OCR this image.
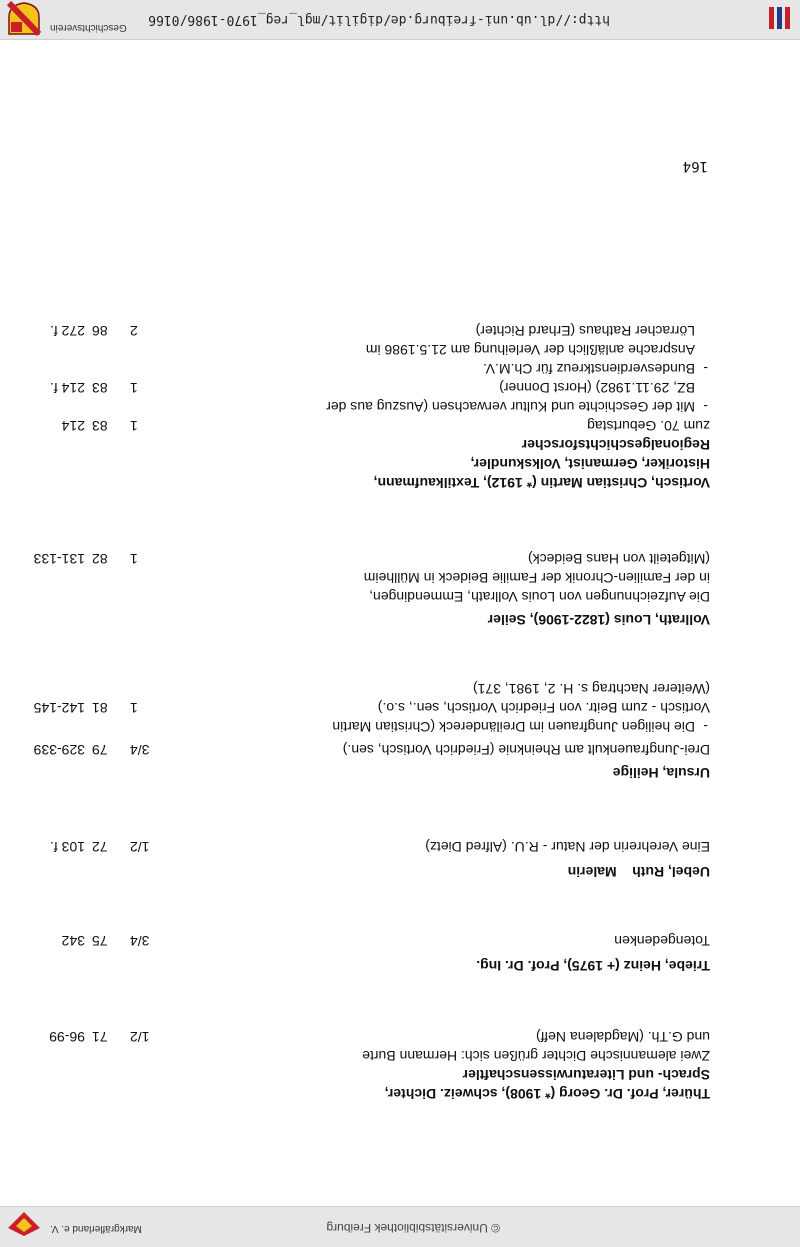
© Universitätsbibliothek Freiburg
Markgräflerland e. V.
http://dl.ub.uni-freiburg.de/digilit/mgl_reg_1970-1986/0166
Geschichtsverein
Thürer, Prof. Dr. Georg (* 1908), schweiz. Dichter,
Sprach- und Literaturwissenschaftler
Zwei alemannische Dichter grüßen sich: Hermann Burte
und G.Th. (Magdalena Neff)
1/2
71
96-99
Triebe, Heinz (+ 1975), Prof. Dr. Ing.
Totengedenken
3/4
75
342
Uebel, Ruth    Malerin
Eine Verehrerin der Natur - R.U. (Alfred Dietz)
1/2
72
103 f.
Ursula, Heilige
Drei-Jungfrauenkult am Rheinknie (Friedrich Vortisch, sen.)
3/4
79
329-339
-
Die heiligen Jungfrauen im Dreiländereck (Christian Martin
Vortisch - zum Beitr. von Friedrich Vortisch, sen., s.o.)
1
81
142-145
(Weiterer Nachtrag s. H. 2, 1981, 371)
Vollrath, Louis (1822-1906), Seiler
Die Aufzeichnungen von Louis Vollrath, Emmendingen,
in der Familien-Chronik der Familie Beideck in Müllheim
(Mitgeteilt von Hans Beideck)
1
82
131-133
Vortisch, Christian Martin (* 1912), Textilkaufmann,
Historiker, Germanist, Volkskundler,
Regionalgeschichtsforscher
zum 70. Geburtstag
1
83
214
-
Mit der Geschichte und Kultur verwachsen (Auszug aus der
BZ, 29.11.1982) (Horst Donner)
1
83
214 f.
-
Bundesverdienstkreuz für Ch.M.V.
Ansprache anläßlich der Verleihung am 21.5.1986 im
Lörracher Rathaus (Erhard Richter)
2
86
272 f.
164
